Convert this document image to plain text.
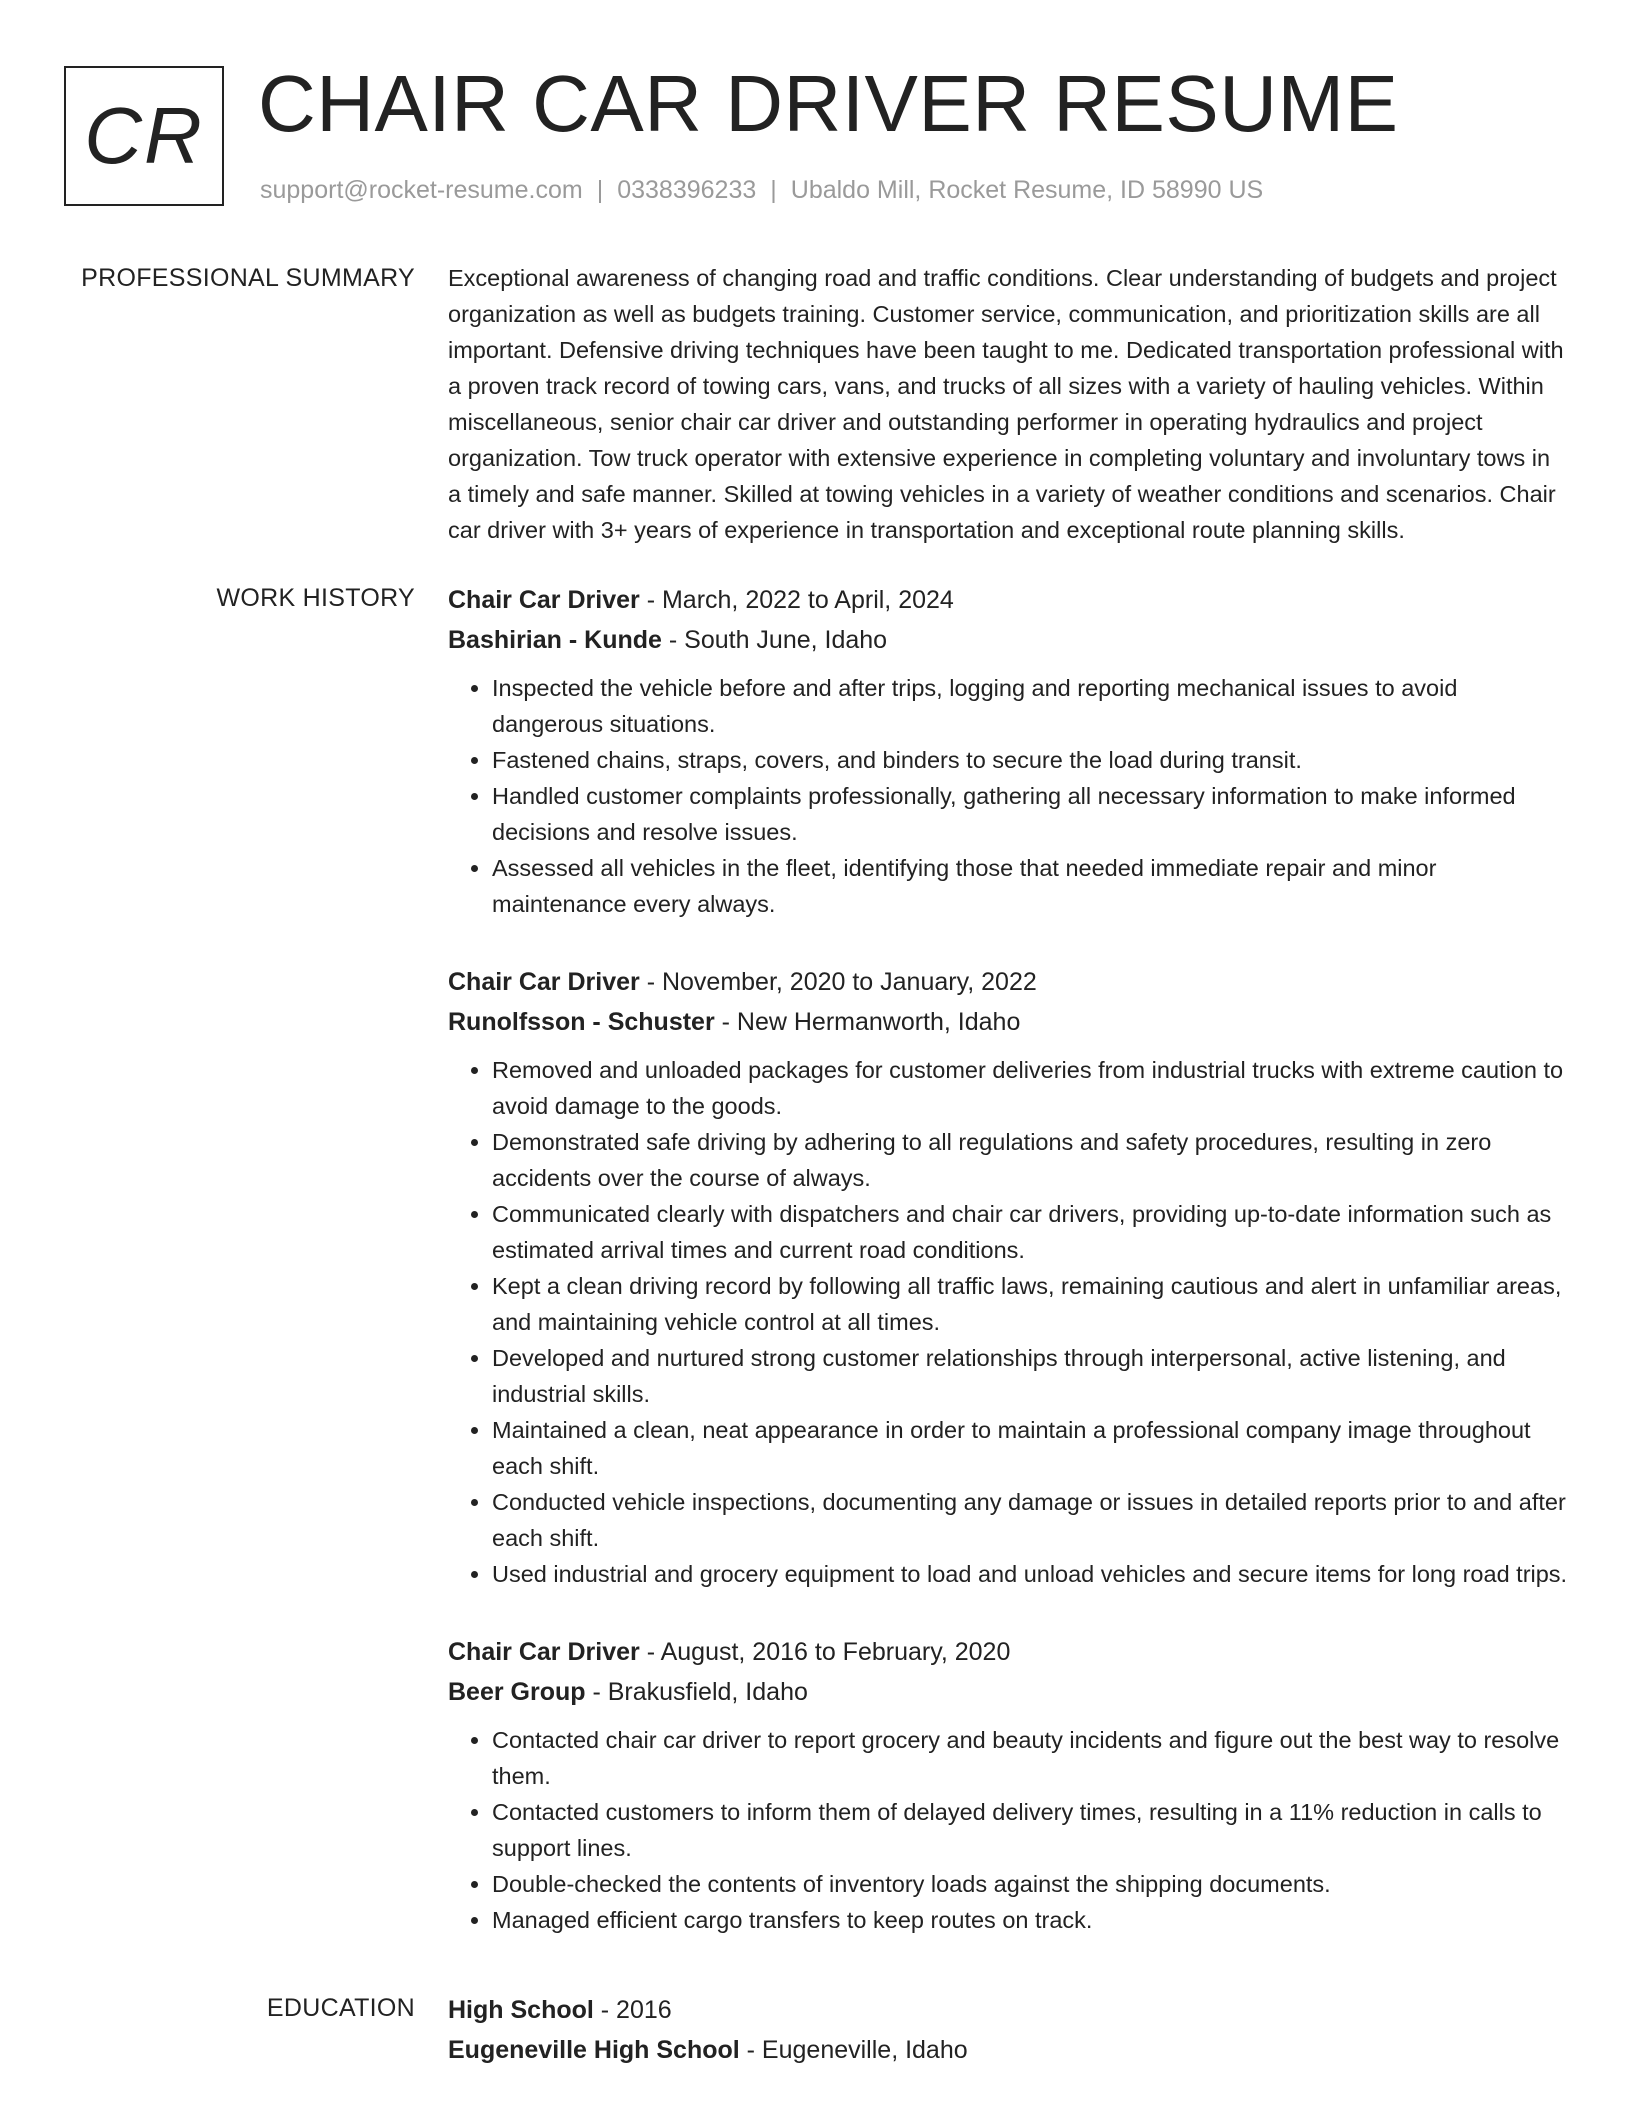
CR CHAIR CAR DRIVER RESUME
support@rocket-resume.com | 0338396233 | Ubaldo Mill, Rocket Resume, ID 58990 US
PROFESSIONAL SUMMARY Exceptional awareness of changing road and traffic conditions. Clear understanding of budgets and project organization as well as budgets training. Customer service, communication, and prioritization skills are all important. Defensive driving techniques have been taught to me. Dedicated transportation professional with a proven track record of towing cars, vans, and trucks of all sizes with a variety of hauling vehicles. Within miscellaneous, senior chair car driver and outstanding performer in operating hydraulics and project organization. Tow truck operator with extensive experience in completing voluntary and involuntary tows in a timely and safe manner. Skilled at towing vehicles in a variety of weather conditions and scenarios. Chair car driver with 3+ years of experience in transportation and exceptional route planning skills.

WORK HISTORY Chair Car Driver - March, 2022 to April, 2024
Bashirian - Kunde - South June, Idaho
• Inspected the vehicle before and after trips, logging and reporting mechanical issues to avoid dangerous situations.
• Fastened chains, straps, covers, and binders to secure the load during transit.
• Handled customer complaints professionally, gathering all necessary information to make informed decisions and resolve issues.
• Assessed all vehicles in the fleet, identifying those that needed immediate repair and minor maintenance every always.
Chair Car Driver - November, 2020 to January, 2022
Runolfsson - Schuster - New Hermanworth, Idaho
• Removed and unloaded packages for customer deliveries from industrial trucks with extreme caution to avoid damage to the goods.
• Demonstrated safe driving by adhering to all regulations and safety procedures, resulting in zero accidents over the course of always.
• Communicated clearly with dispatchers and chair car drivers, providing up-to-date information such as estimated arrival times and current road conditions.
• Kept a clean driving record by following all traffic laws, remaining cautious and alert in unfamiliar areas, and maintaining vehicle control at all times.
• Developed and nurtured strong customer relationships through interpersonal, active listening, and industrial skills.
• Maintained a clean, neat appearance in order to maintain a professional company image throughout each shift.
• Conducted vehicle inspections, documenting any damage or issues in detailed reports prior to and after each shift.
• Used industrial and grocery equipment to load and unload vehicles and secure items for long road trips.
Chair Car Driver - August, 2016 to February, 2020
Beer Group - Brakusfield, Idaho
• Contacted chair car driver to report grocery and beauty incidents and figure out the best way to resolve them.
• Contacted customers to inform them of delayed delivery times, resulting in a 11% reduction in calls to support lines.
• Double-checked the contents of inventory loads against the shipping documents.
• Managed efficient cargo transfers to keep routes on track.
EDUCATION High School - 2016
Eugeneville High School - Eugeneville, Idaho
